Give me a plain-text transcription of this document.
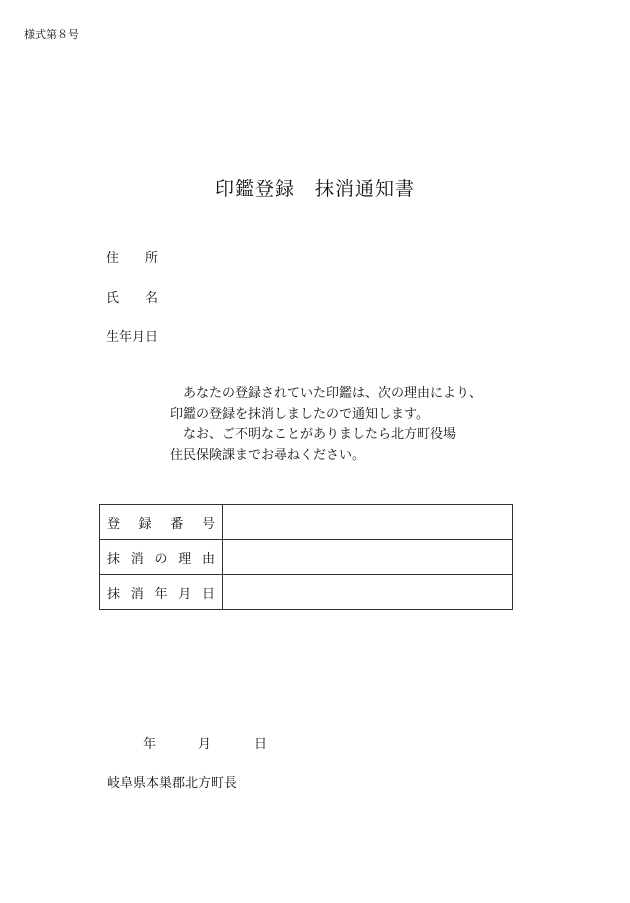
様式第８号
印鑑登録　抹消通知書
住　　所
氏　　名
生年月日
　あなたの登録されていた印鑑は、次の理由により、
印鑑の登録を抹消しましたので通知します。
　なお、ご不明なことがありましたら北方町役場
住民保険課までお尋ねください。
登録番号	

抹消の理由	

抹消年月日	

年	月	日
岐阜県本巣郡北方町長
